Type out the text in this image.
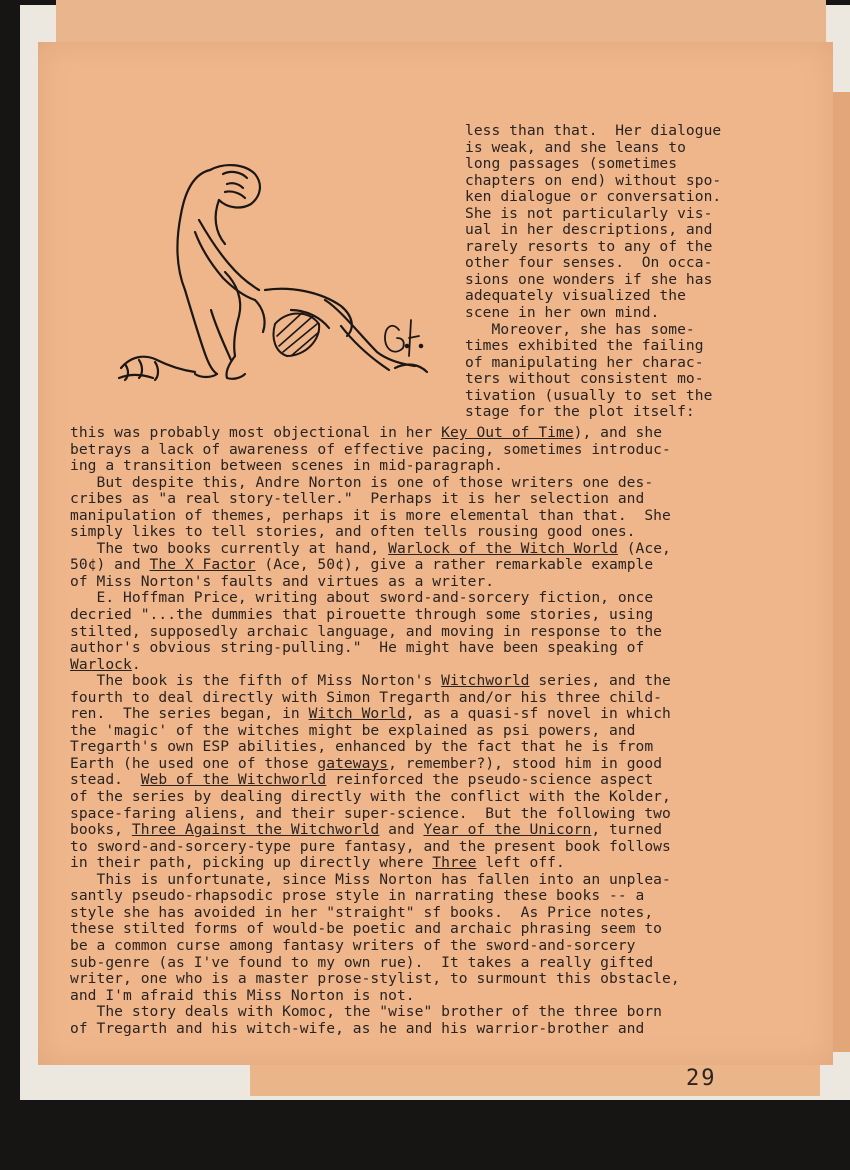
G.F.
less than that.  Her dialogue
is weak, and she leans to
long passages (sometimes
chapters on end) without spo-
ken dialogue or conversation.
She is not particularly vis-
ual in her descriptions, and
rarely resorts to any of the
other four senses.  On occa-
sions one wonders if she has
adequately visualized the
scene in her own mind.
Moreover, she has some-
times exhibited the failing
of manipulating her charac-
ters without consistent mo-
tivation (usually to set the
stage for the plot itself:
this was probably most objectional in her Key Out of Time), and she
betrays a lack of awareness of effective pacing, sometimes introduc-
ing a transition between scenes in mid-paragraph.
But despite this, Andre Norton is one of those writers one des-
cribes as "a real story-teller."  Perhaps it is her selection and
manipulation of themes, perhaps it is more elemental than that.  She
simply likes to tell stories, and often tells rousing good ones.
The two books currently at hand, Warlock of the Witch World (Ace,
50¢) and The X Factor (Ace, 50¢), give a rather remarkable example
of Miss Norton's faults and virtues as a writer.
E. Hoffman Price, writing about sword-and-sorcery fiction, once
decried "...the dummies that pirouette through some stories, using
stilted, supposedly archaic language, and moving in response to the
author's obvious string-pulling."  He might have been speaking of
Warlock.
The book is the fifth of Miss Norton's Witchworld series, and the
fourth to deal directly with Simon Tregarth and/or his three child-
ren.  The series began, in Witch World, as a quasi-sf novel in which
the 'magic' of the witches might be explained as psi powers, and
Tregarth's own ESP abilities, enhanced by the fact that he is from
Earth (he used one of those gateways, remember?), stood him in good
stead.  Web of the Witchworld reinforced the pseudo-science aspect
of the series by dealing directly with the conflict with the Kolder,
space-faring aliens, and their super-science.  But the following two
books, Three Against the Witchworld and Year of the Unicorn, turned
to sword-and-sorcery-type pure fantasy, and the present book follows
in their path, picking up directly where Three left off.
This is unfortunate, since Miss Norton has fallen into an unplea-
santly pseudo-rhapsodic prose style in narrating these books -- a
style she has avoided in her "straight" sf books.  As Price notes,
these stilted forms of would-be poetic and archaic phrasing seem to
be a common curse among fantasy writers of the sword-and-sorcery
sub-genre (as I've found to my own rue).  It takes a really gifted
writer, one who is a master prose-stylist, to surmount this obstacle,
and I'm afraid this Miss Norton is not.
The story deals with Komoc, the "wise" brother of the three born
of Tregarth and his witch-wife, as he and his warrior-brother and
29
